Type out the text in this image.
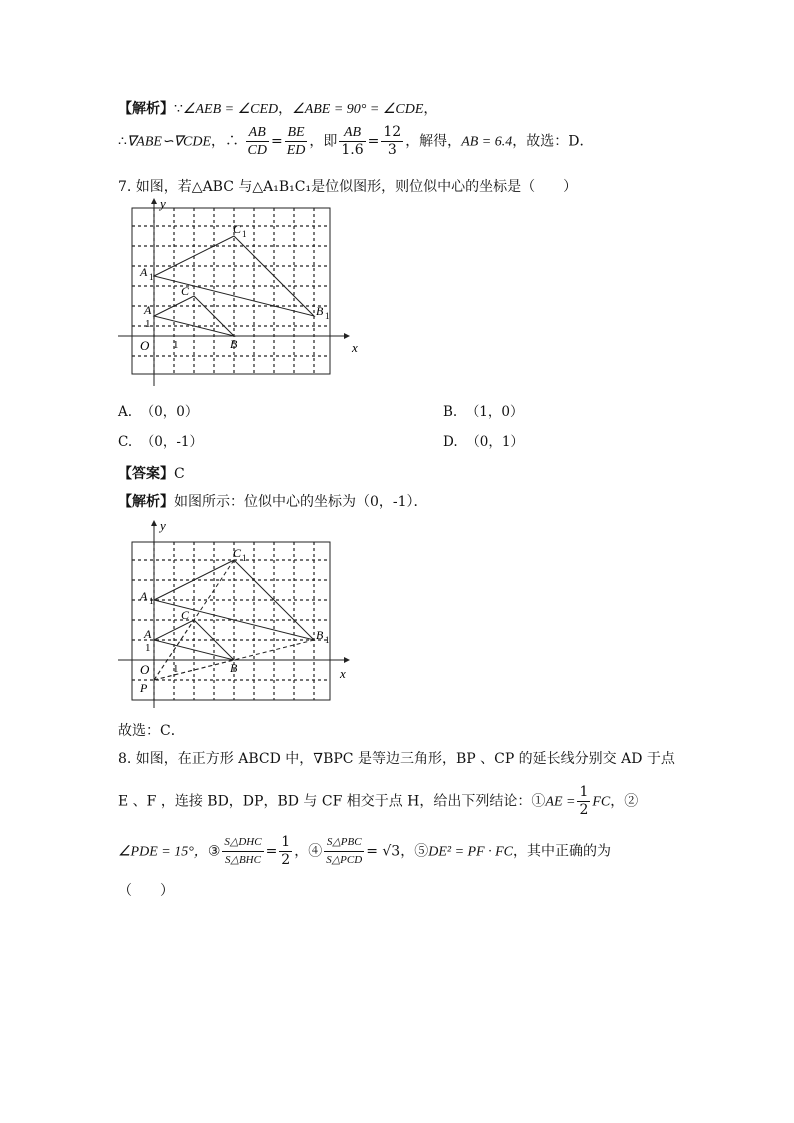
【解析】∵∠AEB = ∠CED，∠ABE = 90° = ∠CDE，
∴∇ABE∽∇CDE，∴ $\frac{AB}{CD} = \frac{BE}{ED}$ ，即 $\frac{AB}{1.6} = \frac{12}{3}$ ，解得，AB = 6.4，故选：D．
7. 如图，若△ABC 与△A₁B₁C₁是位似图形，则位似中心的坐标是（　　）
x
y
O 1
1
A
B
C
A 1
B 1
C 1
A. （0，0）	B. （1，0）
C. （0，-1）	D. （0，1）
【答案】C
【解析】如图所示：位似中心的坐标为（0，-1）．
x
y
O 1
1
A
B
C
A 1
B 1
C 1
P
故选：C．
8. 如图，在正方形 ABCD 中，∇BPC 是等边三角形，BP 、CP 的延长线分别交 AD 于点
E 、F ，连接 BD，DP，BD 与 CF 相交于点 H，给出下列结论：①AE = $\frac{1}{2}$ FC，②
∠PDE = 15°，③ $\frac{\text{S△DHC}}{\text{S△BHC}} = \frac{1}{2}$ ，④ $\frac{\text{S△PBC}}{\text{S△PCD}} = √3$，⑤DE² = PF · FC，其中正确的为
（　　）
